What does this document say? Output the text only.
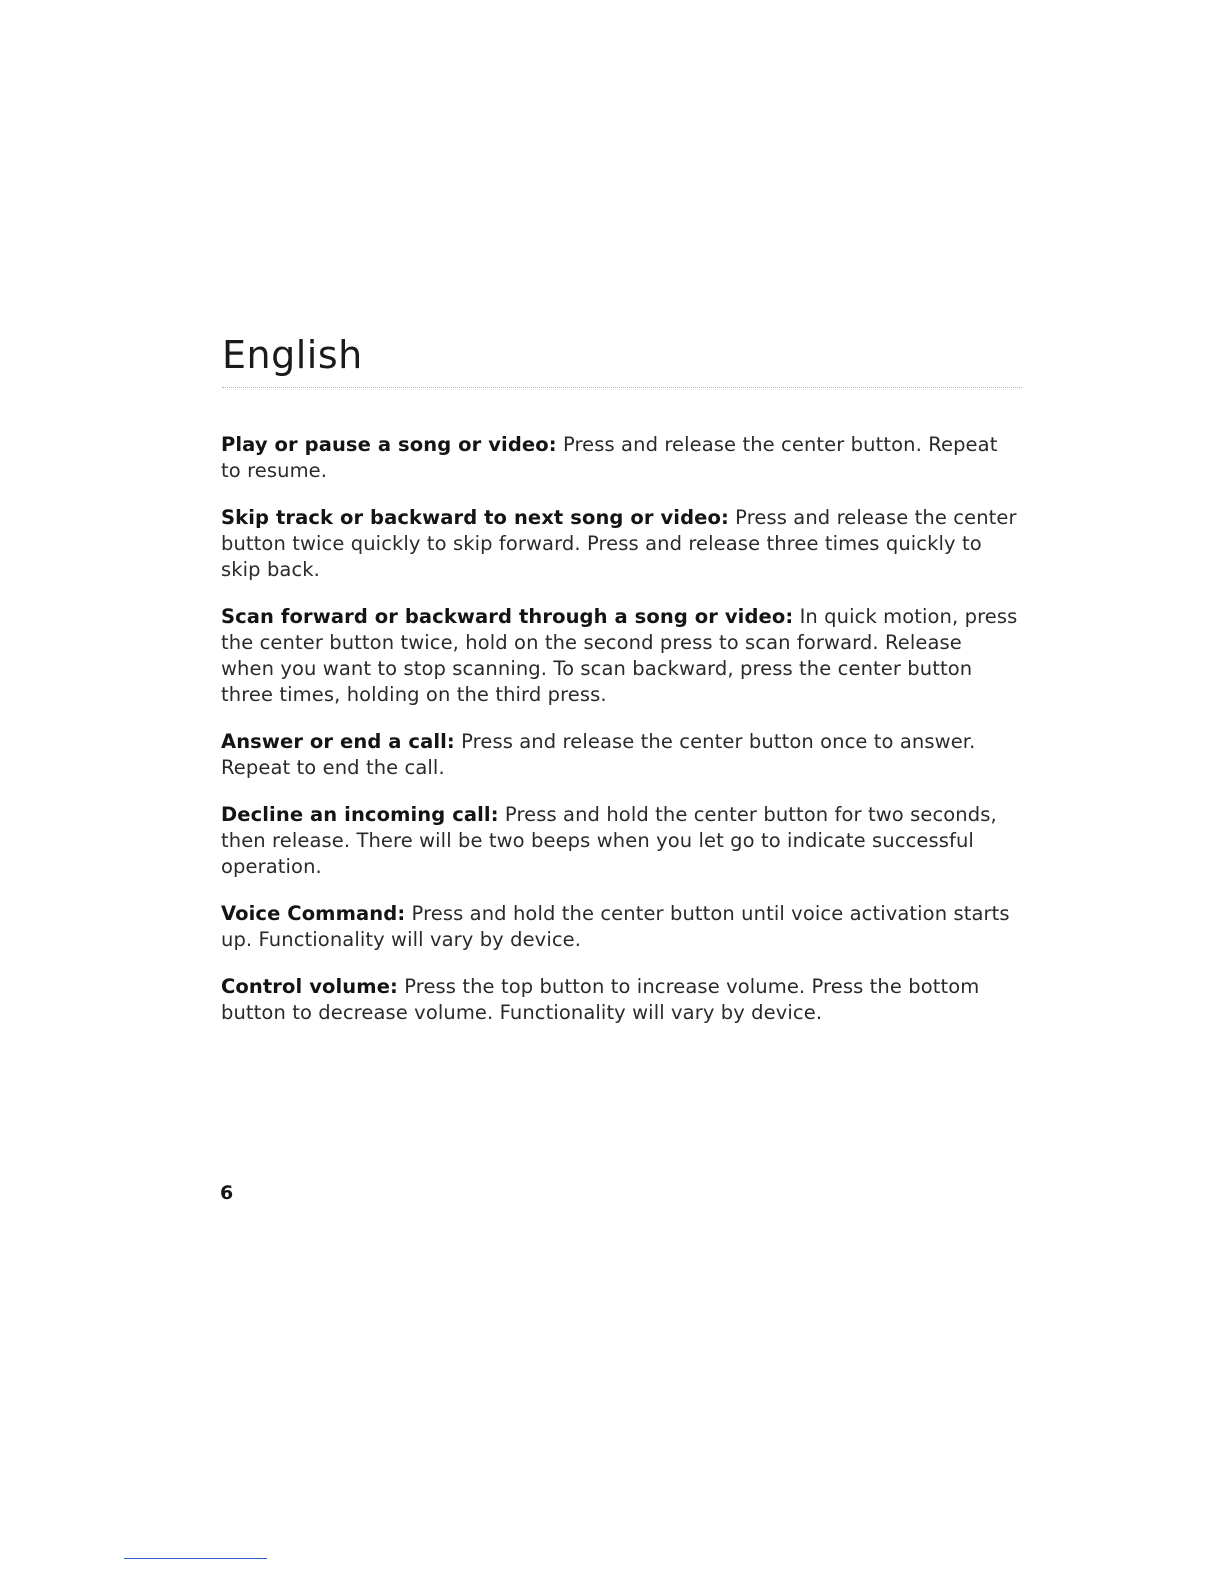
English

Play or pause a song or video: Press and release the center button. Repeat to resume.

Skip track or backward to next song or video: Press and release the center button twice quickly to skip forward. Press and release three times quickly to skip back.

Scan forward or backward through a song or video: In quick motion, press the center button twice, hold on the second press to scan forward. Release when you want to stop scanning. To scan backward, press the center button three times, holding on the third press.

Answer or end a call: Press and release the center button once to answer. Repeat to end the call.

Decline an incoming call: Press and hold the center button for two seconds, then release. There will be two beeps when you let go to indicate successful operation.

Voice Command: Press and hold the center button until voice activation starts up. Functionality will vary by device.

Control volume: Press the top button to increase volume. Press the bottom button to decrease volume. Functionality will vary by device.

6
